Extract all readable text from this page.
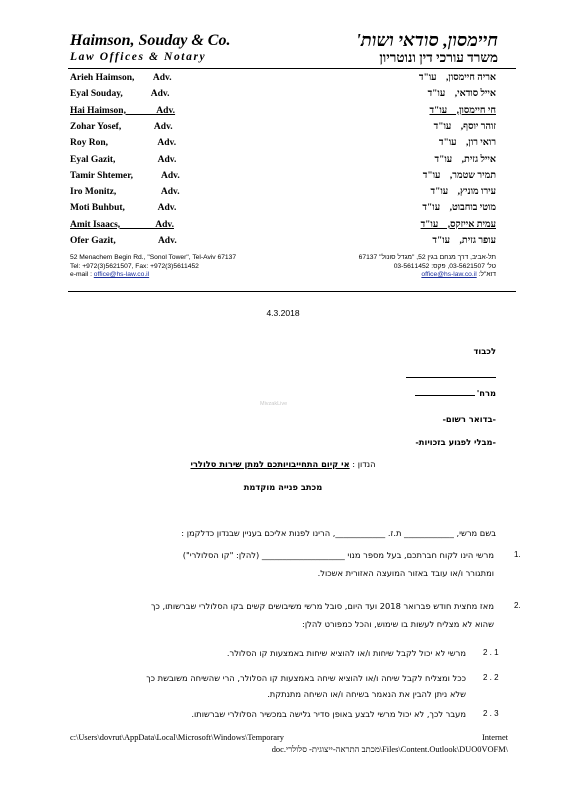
Haimson, Souday & Co.
Law Offices & Notary
חיימסון, סודאי ושות'
משרד עורכי דין ונוטריון
Arieh Haimson,        Adv.	אריה חיימסון,    עו"ד
Eyal Souday,            Adv.	אייל סודאי,    עו"ד
Hai Haimson,             Adv.	חי חיימסון,    עו"ד
Zohar Yosef,              Adv.	זוהר יוסף,    עו"ד
Roy Ron,                     Adv.	רואי רון,    עו"ד
Eyal Gazit,                  Adv.	אייל גזית,    עו"ד
Tamir Shtemer,            Adv.	תמיר שטמר,    עו"ד
Iro Monitz,                   Adv.	עירו מוניץ,    עו"ד
Moti Buhbut,              Adv.	מוטי בוחבוט,    עו"ד
Amit Isaacs,               Adv.	עמית אייזקס,    עו"ד
Ofer Gazit,                  Adv.	עופר גזית,    עו"ד
52 Menachem Begin Rd., "Sonol Tower", Tel-Aviv 67137
Tel: +972(3)5621507, Fax: +972(3)5611452
e-mail : office@hs-law.co.il
תל-אביב, דרך מנחם בגין 52, "מגדל סונול" 67137
טל' 03-5621507, פקס: 03-5611452
דוא"ל: office@hs-law.co.il
4.3.2018
לכבוד
מרח'
MivzakLive
-בדואר רשום-
-מבלי לפגוע בזכויות-
הנדון : אי קיום התחייבויותכם למתן שירות סלולרי
מכתב פנייה מוקדמת
בשם מרשי, ____________ ת.ז. ____________, הרינו לפנות אליכם בעניין שבנדון כדלקמן :
1.
מרשי הינו לקוח חברתכם, בעל מספר מנוי ____________________ (להלן: "קו הסלולרי")
ומתגורר ו/או עובד באזור המועצה האזורית אשכול.
2.
מאז מחצית חודש פברואר 2018 ועד היום, סובל מרשי משיבושים קשים בקו הסלולרי שברשותו, כך
שהוא לא מצליח לעשות בו שימוש, והכל כמפורט להלן:
2 . 1
מרשי לא יכול לקבל שיחות ו/או להוציא שיחות באמצעות קו הסלולר.
2 . 2
ככל ומצליח לקבל שיחה ו/או להוציא שיחה באמצעות קו הסלולר, הרי שהשיחה משובשת כך
שלא ניתן להבין את הנאמר בשיחה ו/או השיחה מתנתקת.
2 . 3
מעבר לכך, לא יכול מרשי לבצע באופן סדיר גלישה במכשיר הסלולרי שברשותו.
c:\Users\dovrut\AppData\Local\Microsoft\Windows\Temporary	Internet
\Files\Content.Outlook\DUO0VOFM\מכתב התראה-ייצוגית- סלולרי.doc
